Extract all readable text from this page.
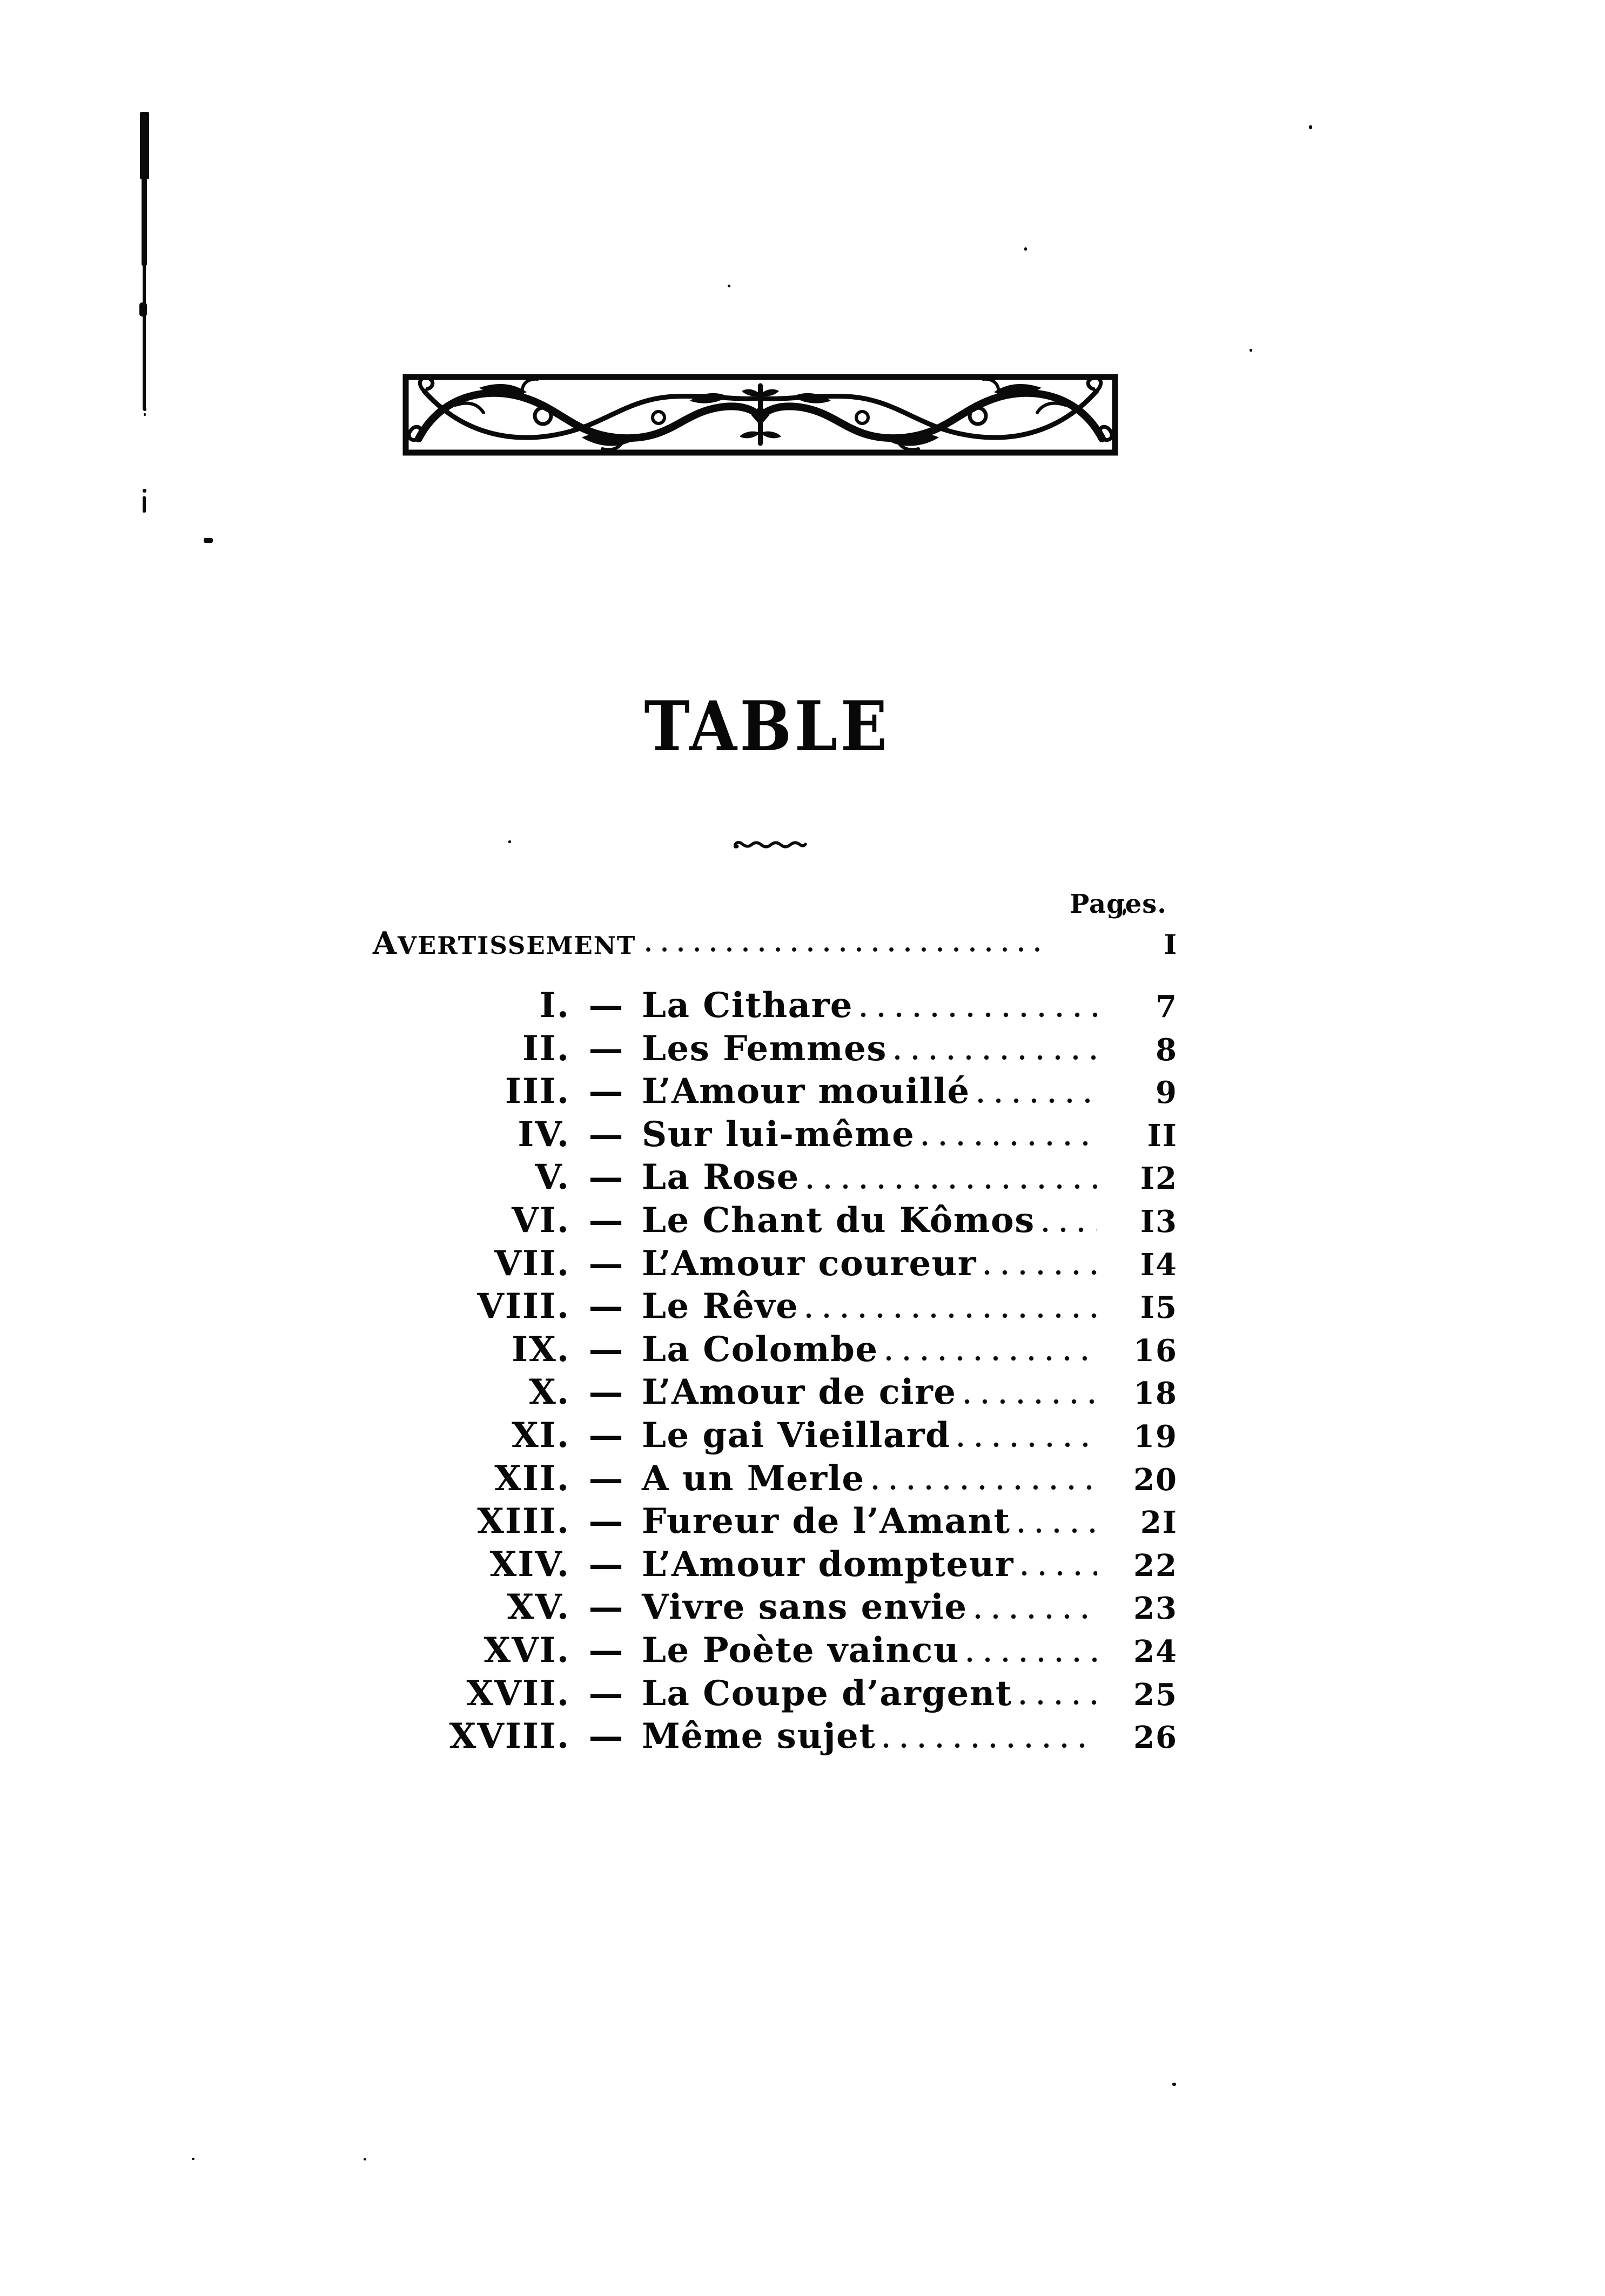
TABLE
Pages.
AVERTISSEMENT	I
I. — La Cithare	7
II. — Les Femmes	8
III. — L’Amour mouillé	9
IV. — Sur lui-même	II
V. — La Rose	I2
VI. — Le Chant du Kômos	I3
VII. — L’Amour coureur	I4
VIII. — Le Rêve	I5
IX. — La Colombe	16
X. — L’Amour de cire	18
XI. — Le gai Vieillard	19
XII. — A un Merle	20
XIII. — Fureur de l’Amant	2I
XIV. — L’Amour dompteur	22
XV. — Vivre sans envie	23
XVI. — Le Poète vaincu	24
XVII. — La Coupe d’argent	25
XVIII. — Même sujet	26
